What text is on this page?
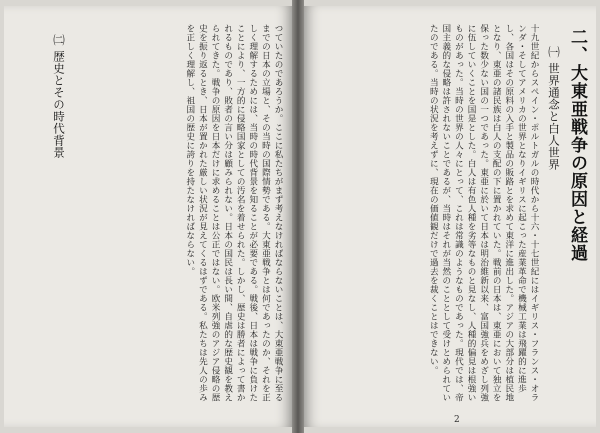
㈡ 歴史とその時代背景	つていたのであろうか。ここに私たちがまず考えなければならないことは、大東亜戦争に至るまでの日本の立場と、その当時の国際情勢である。大東亜戦争とは何であったのか、それを正しく理解するためには、当時の時代背景を知ることが必要である。戦後、日本は戦争に負けたことにより、一方的に侵略国家としての汚名を着せられた。しかし、歴史は勝者によって書かれるものであり、敗者の言い分は顧みられない。日本の国民は長い間、自虐的な歴史観を教えられてきた。戦争の原因を日本だけに求めることは公正ではない。欧米列強のアジア侵略の歴史を振り返るとき、日本が置かれた厳しい状況が見えてくるはずである。私たちは先人の歩みを正しく理解し、祖国の歴史に誇りを持たなければならない。	二、大東亜戦争の原因と経過
㈠ 世界通念と白人世界
十九世紀からスペイン・ポルトガルの時代から十六・十七世紀にはイギリス・フランス・オランダ・そしてアメリカの世界となりイギリスに起こった産業革命で機械工業は飛躍的に進歩し、各国はその原料の入手と製品の販路とを求めて東洋に進出した。アジアの大部分は植民地となり、東亜の諸民族は白人の支配の下に置かれていた。戦前の日本は、東亜において独立を保った数少ない国の一つであった。東亜に於いて日本は明治維新以来、富国強兵をめざし列強に伍していくことを国是とした。白人は有色人種を劣等なものと見なし、人種的偏見は根強いものがあった。当時の世界の人々にとって、これは常識のようなものであった。現代では、帝国主義的な侵略は許されないことであるが、当時はそれが当然のこととして受けとめられていたのである。当時の状況を考えずに、現在の価値観だけで過去を裁くことはできない。
2
